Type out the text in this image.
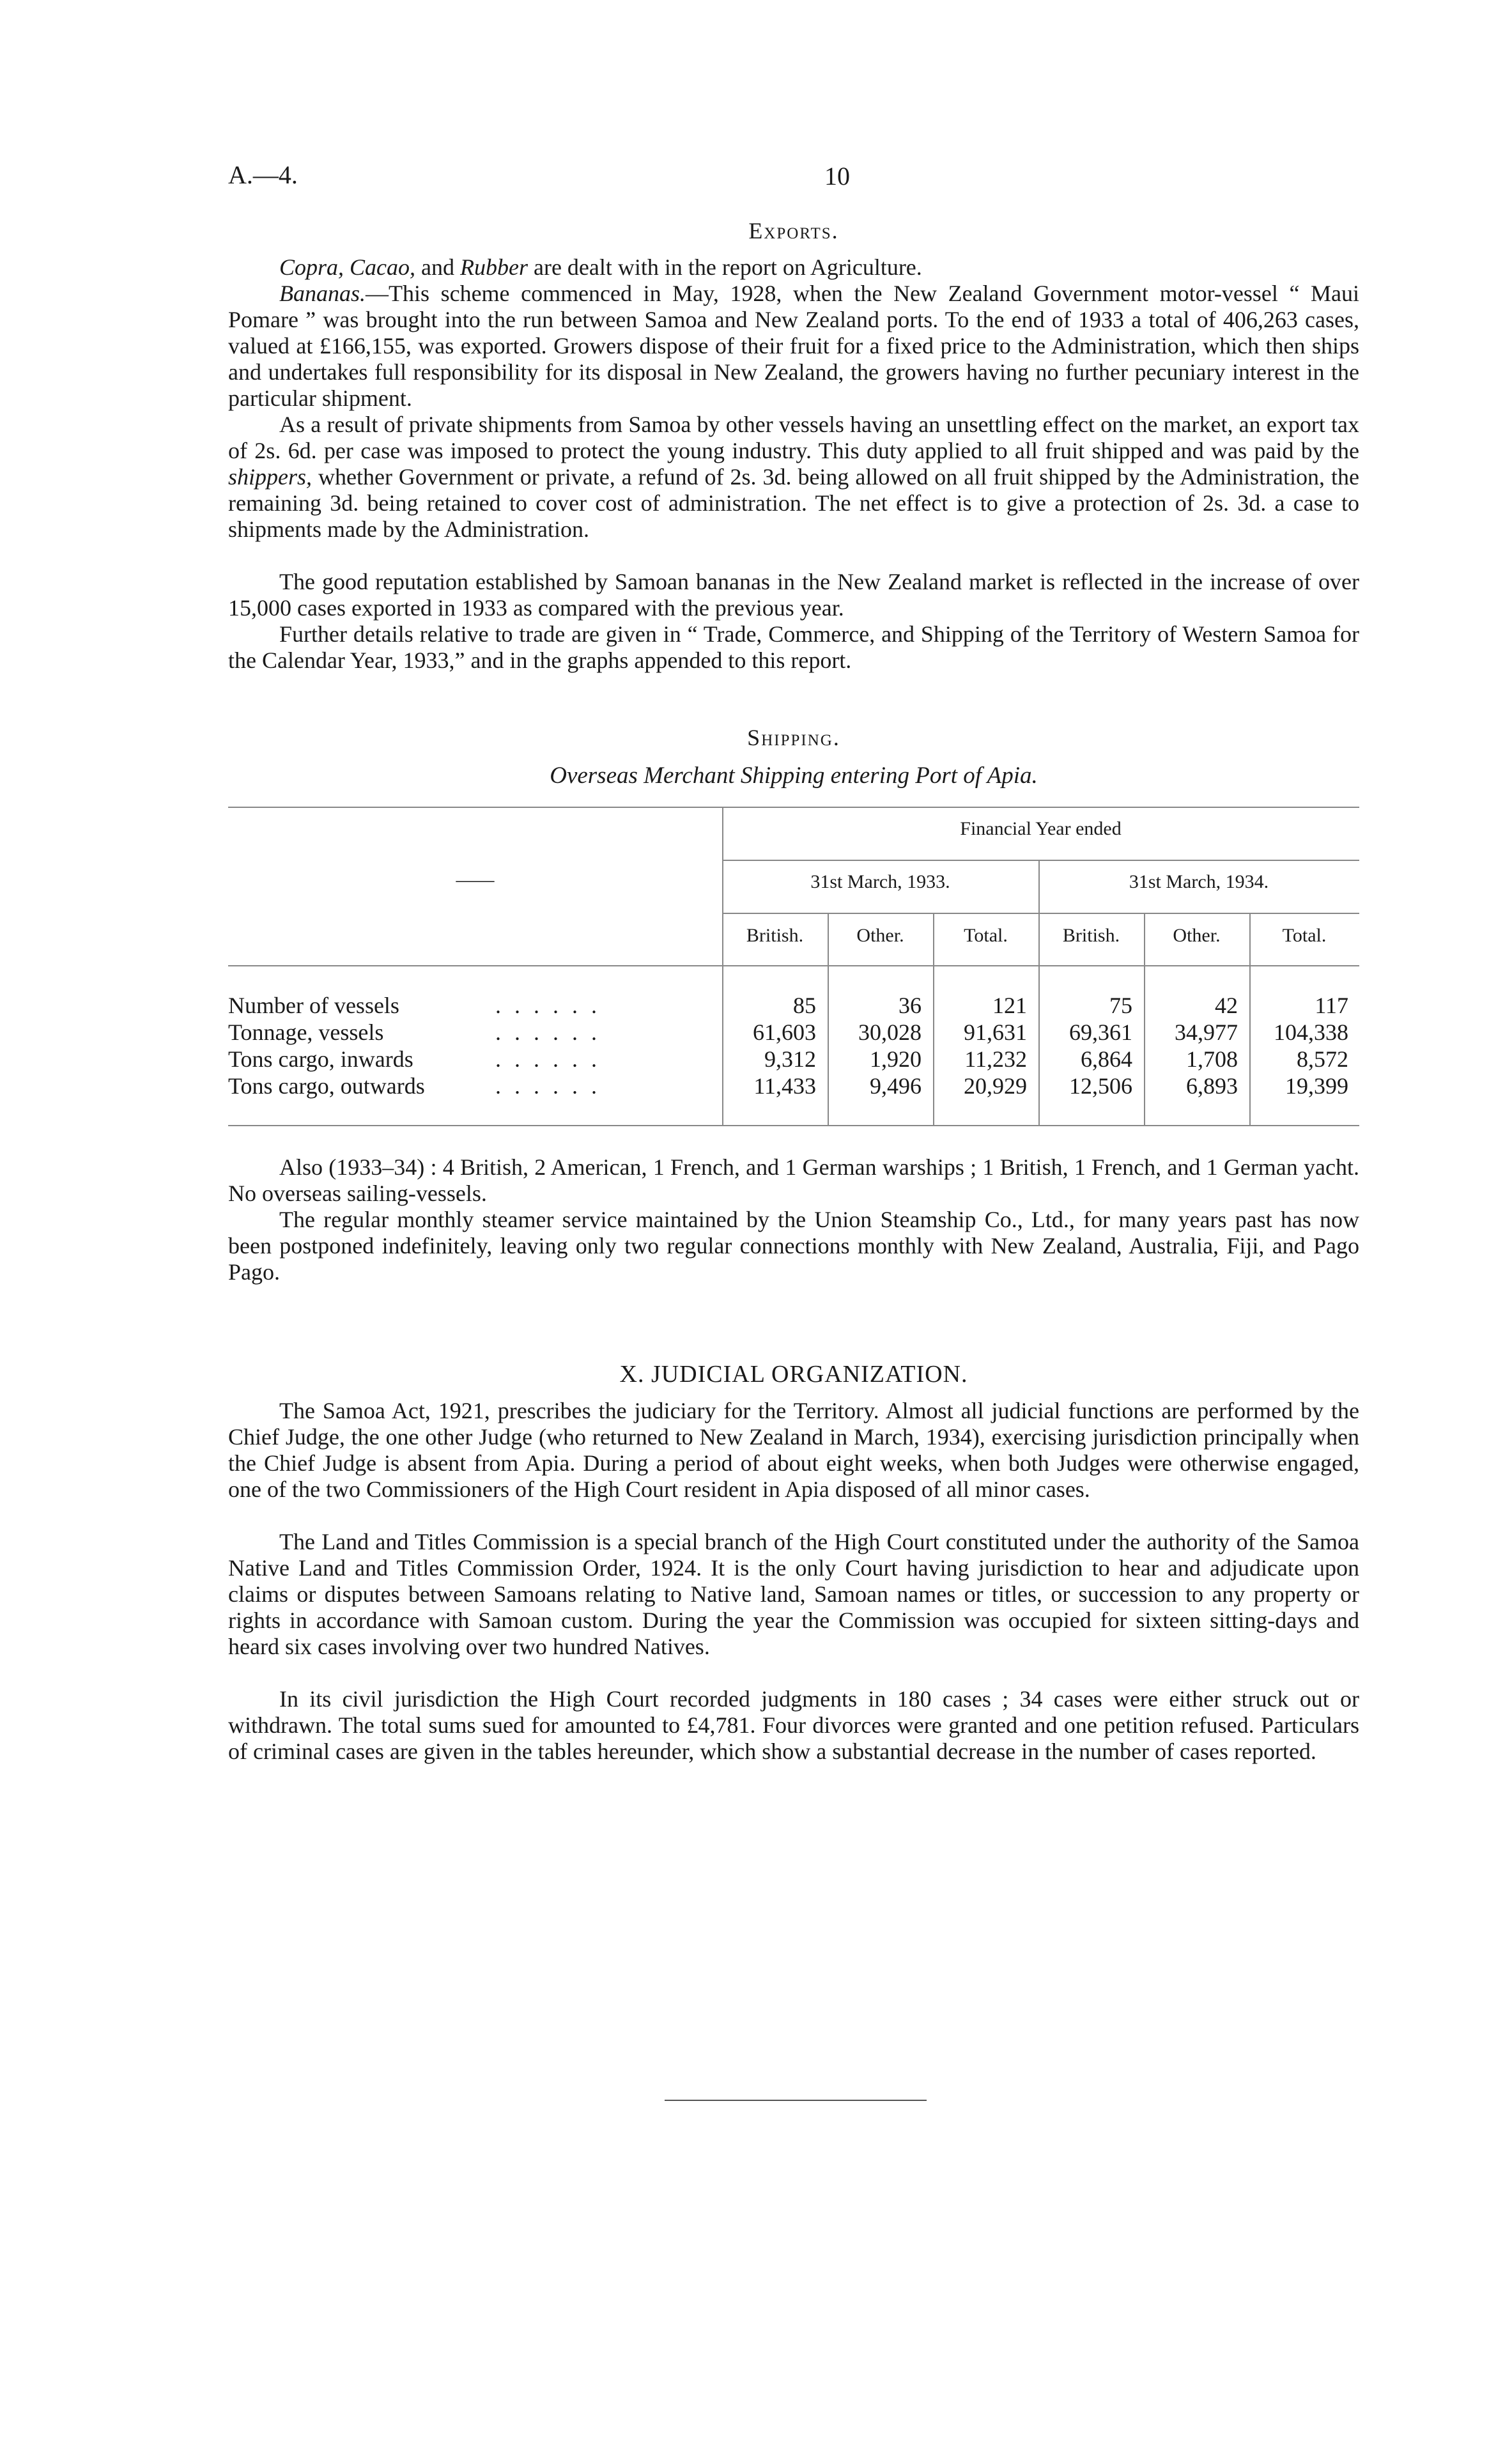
A.—4.	10
Exports.

Copra, Cacao, and Rubber are dealt with in the report on Agriculture.

Bananas.—This scheme commenced in May, 1928, when the New Zealand Government motor-vessel “ Maui Pomare ” was brought into the run between Samoa and New Zealand ports. To the end of 1933 a total of 406,263 cases, valued at £166,155, was exported. Growers dispose of their fruit for a fixed price to the Administration, which then ships and undertakes full responsibility for its disposal in New Zealand, the growers having no further pecuniary interest in the particular shipment.

As a result of private shipments from Samoa by other vessels having an unsettling effect on the market, an export tax of 2s. 6d. per case was imposed to protect the young industry. This duty applied to all fruit shipped and was paid by the shippers, whether Government or private, a refund of 2s. 3d. being allowed on all fruit shipped by the Administration, the remaining 3d. being retained to cover cost of administration. The net effect is to give a protection of 2s. 3d. a case to shipments made by the Administration.

The good reputation established by Samoan bananas in the New Zealand market is reflected in the increase of over 15,000 cases exported in 1933 as compared with the previous year.

Further details relative to trade are given in “ Trade, Commerce, and Shipping of the Territory of Western Samoa for the Calendar Year, 1933,” and in the graphs appended to this report.

Shipping.
Overseas Merchant Shipping entering Port of Apia.
——
Financial Year ended
31st March, 1933.	31st March, 1934.
British.	Other.	Total.	British.	Other.	Total.
Number of vessels	. . . . . .	85	36	121	75	42	117
Tonnage, vessels	. . . . . .	61,603	30,028	91,631	69,361	34,977	104,338
Tons cargo, inwards	. . . . . .	9,312	1,920	11,232	6,864	1,708	8,572
Tons cargo, outwards	. . . . . .	11,433	9,496	20,929	12,506	6,893	19,399

Also (1933–34) : 4 British, 2 American, 1 French, and 1 German warships ; 1 British, 1 French, and 1 German yacht. No overseas sailing-vessels.

The regular monthly steamer service maintained by the Union Steamship Co., Ltd., for many years past has now been postponed indefinitely, leaving only two regular connections monthly with New Zealand, Australia, Fiji, and Pago Pago.

X. JUDICIAL ORGANIZATION.

The Samoa Act, 1921, prescribes the judiciary for the Territory. Almost all judicial functions are performed by the Chief Judge, the one other Judge (who returned to New Zealand in March, 1934), exercising jurisdiction principally when the Chief Judge is absent from Apia. During a period of about eight weeks, when both Judges were otherwise engaged, one of the two Commissioners of the High Court resident in Apia disposed of all minor cases.

The Land and Titles Commission is a special branch of the High Court constituted under the authority of the Samoa Native Land and Titles Commission Order, 1924. It is the only Court having jurisdiction to hear and adjudicate upon claims or disputes between Samoans relating to Native land, Samoan names or titles, or succession to any property or rights in accordance with Samoan custom. During the year the Commission was occupied for sixteen sitting-days and heard six cases involving over two hundred Natives.

In its civil jurisdiction the High Court recorded judgments in 180 cases ; 34 cases were either struck out or withdrawn. The total sums sued for amounted to £4,781. Four divorces were granted and one petition refused. Particulars of criminal cases are given in the tables hereunder, which show a substantial decrease in the number of cases reported.
